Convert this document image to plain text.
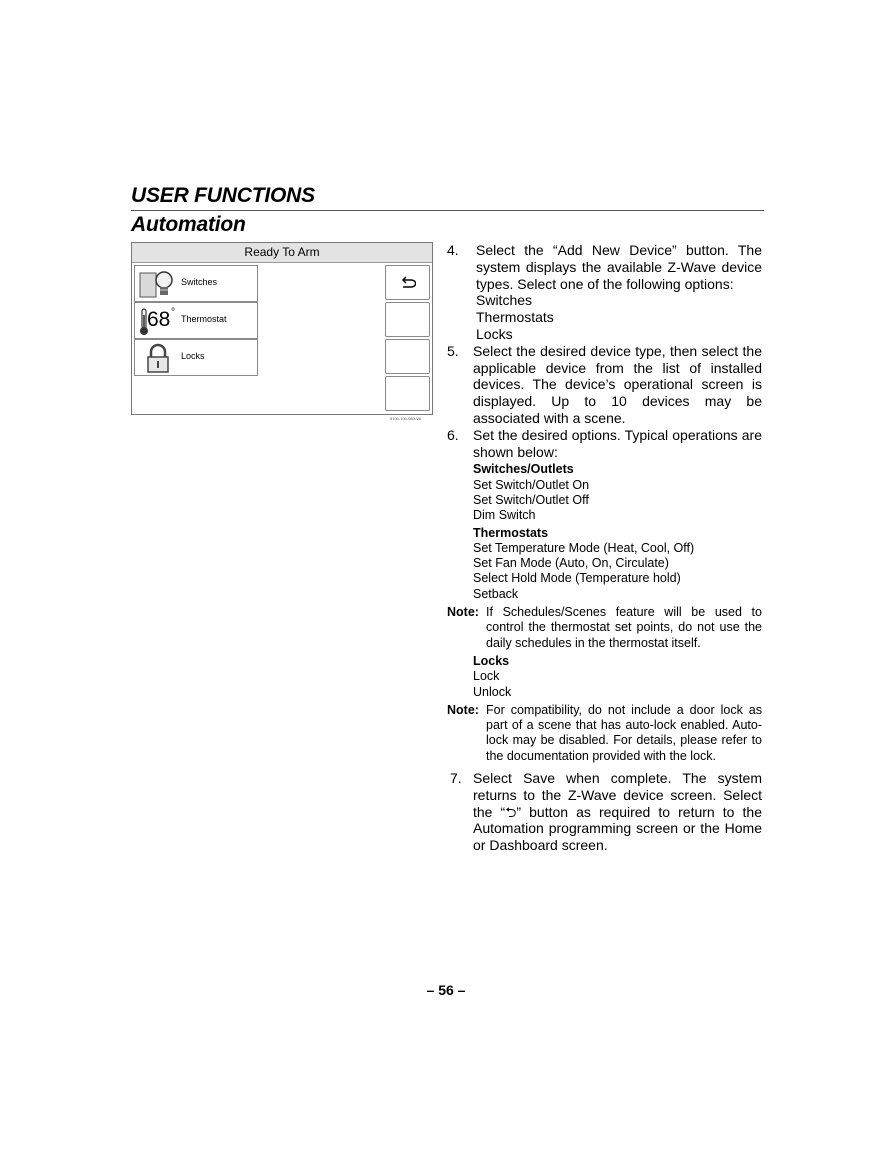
USER FUNCTIONS
Automation
Ready To Arm
Switches
68 °
Thermostat
Locks
5100-100-083-V0
4. Select the “Add New Device” button. The system displays the available Z-Wave device types. Select one of the following options:
Switches
Thermostats
Locks
5. Select the desired device type, then select the applicable device from the list of installed devices. The device’s operational screen is displayed. Up to 10 devices may be associated with a scene.
6. Set the desired options. Typical operations are shown below:
Switches/Outlets
Set Switch/Outlet On
Set Switch/Outlet Off
Dim Switch
Thermostats
Set Temperature Mode (Heat, Cool, Off)
Set Fan Mode (Auto, On, Circulate)
Select Hold Mode (Temperature hold)
Setback
Note: If Schedules/Scenes feature will be used to control the thermostat set points, do not use the daily schedules in the thermostat itself.
Locks
Lock
Unlock
Note: For compatibility, do not include a door lock as part of a scene that has auto-lock enabled. Auto-lock may be disabled. For details, please refer to the documentation provided with the lock.
7. Select Save when complete. The system returns to the Z-Wave device screen. Select the “⮌” button as required to return to the Automation programming screen or the Home or Dashboard screen.
– 56 –
